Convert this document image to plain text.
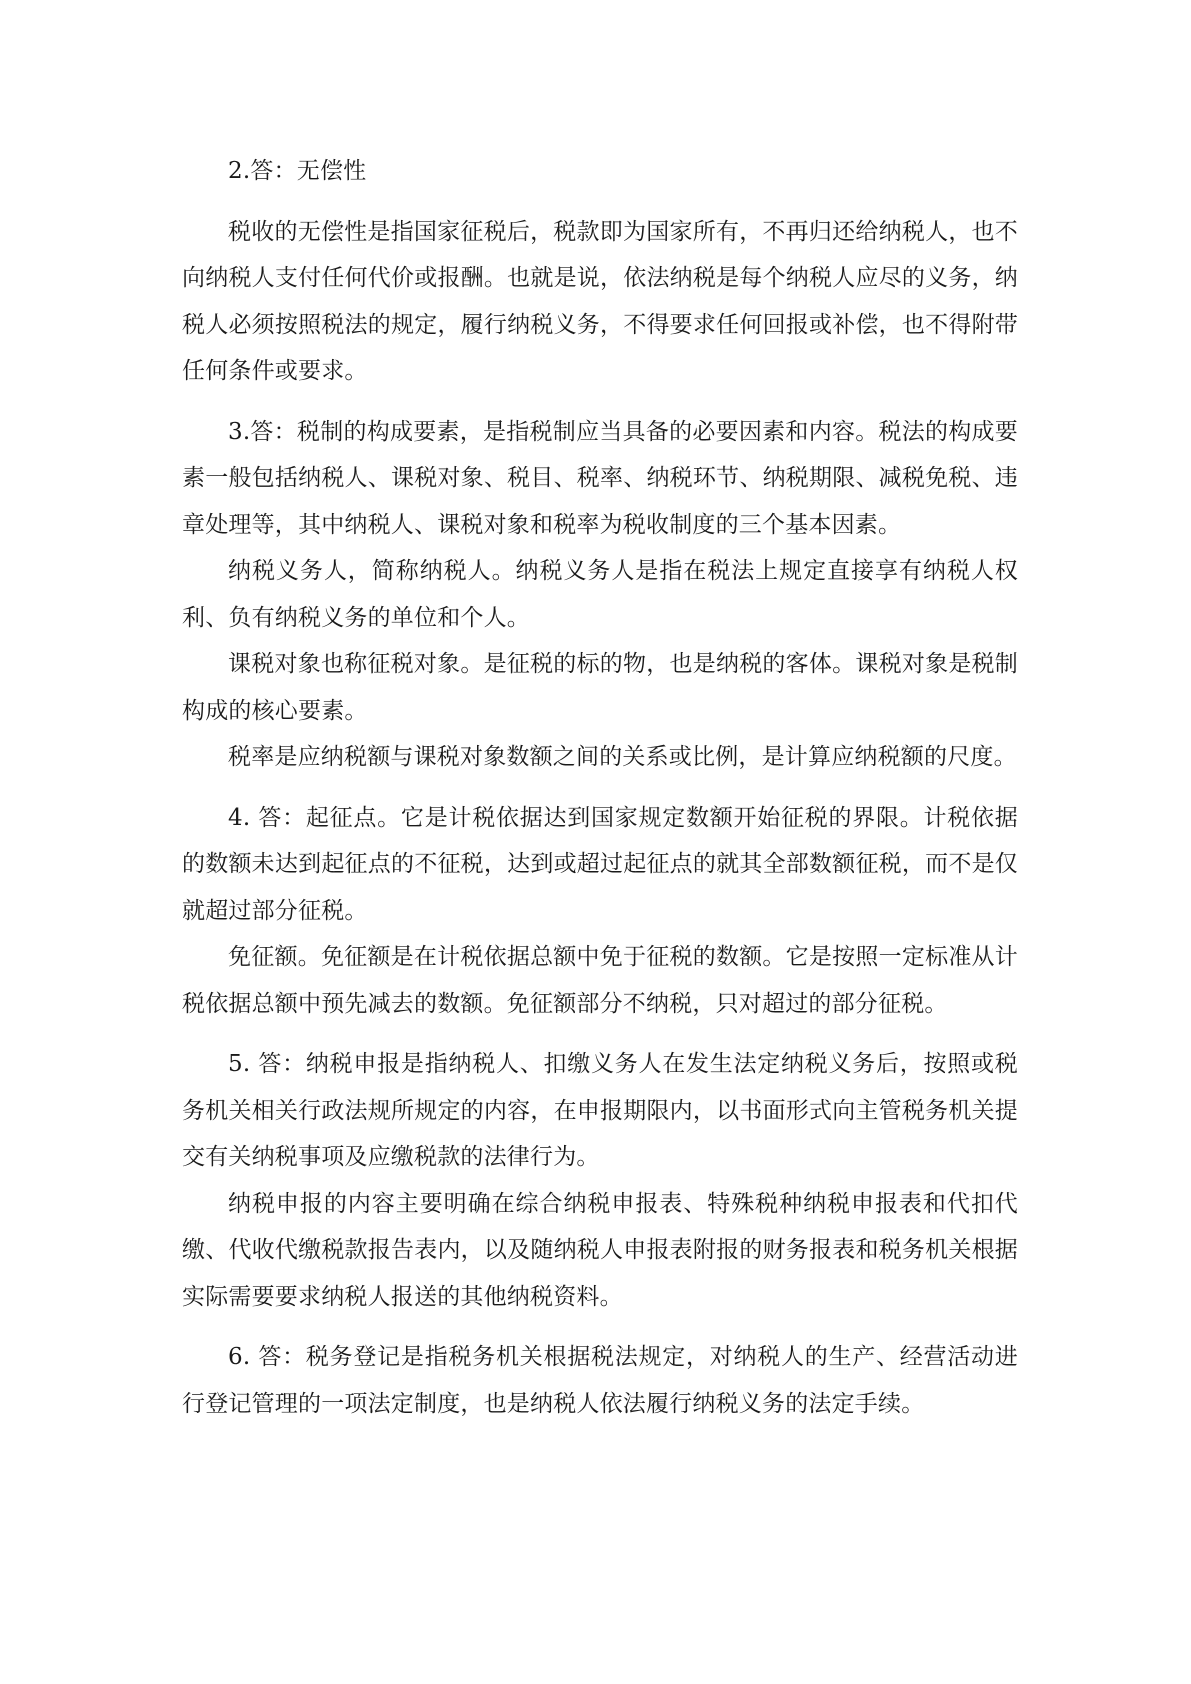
2.答：无偿性

税收的无偿性是指国家征税后，税款即为国家所有，不再归还给纳税人，也不向纳税人支付任何代价或报酬。也就是说，依法纳税是每个纳税人应尽的义务，纳税人必须按照税法的规定，履行纳税义务，不得要求任何回报或补偿，也不得附带任何条件或要求。

3.答：税制的构成要素，是指税制应当具备的必要因素和内容。税法的构成要素一般包括纳税人、课税对象、税目、税率、纳税环节、纳税期限、减税免税、违章处理等，其中纳税人、课税对象和税率为税收制度的三个基本因素。

纳税义务人，简称纳税人。纳税义务人是指在税法上规定直接享有纳税人权利、负有纳税义务的单位和个人。

课税对象也称征税对象。是征税的标的物，也是纳税的客体。课税对象是税制构成的核心要素。

税率是应纳税额与课税对象数额之间的关系或比例，是计算应纳税额的尺度。

4. 答：起征点。它是计税依据达到国家规定数额开始征税的界限。计税依据的数额未达到起征点的不征税，达到或超过起征点的就其全部数额征税，而不是仅就超过部分征税。

免征额。免征额是在计税依据总额中免于征税的数额。它是按照一定标准从计税依据总额中预先减去的数额。免征额部分不纳税，只对超过的部分征税。

5. 答：纳税申报是指纳税人、扣缴义务人在发生法定纳税义务后，按照或税务机关相关行政法规所规定的内容，在申报期限内，以书面形式向主管税务机关提交有关纳税事项及应缴税款的法律行为。

纳税申报的内容主要明确在综合纳税申报表、特殊税种纳税申报表和代扣代缴、代收代缴税款报告表内，以及随纳税人申报表附报的财务报表和税务机关根据实际需要要求纳税人报送的其他纳税资料。

6. 答：税务登记是指税务机关根据税法规定，对纳税人的生产、经营活动进行登记管理的一项法定制度，也是纳税人依法履行纳税义务的法定手续。
